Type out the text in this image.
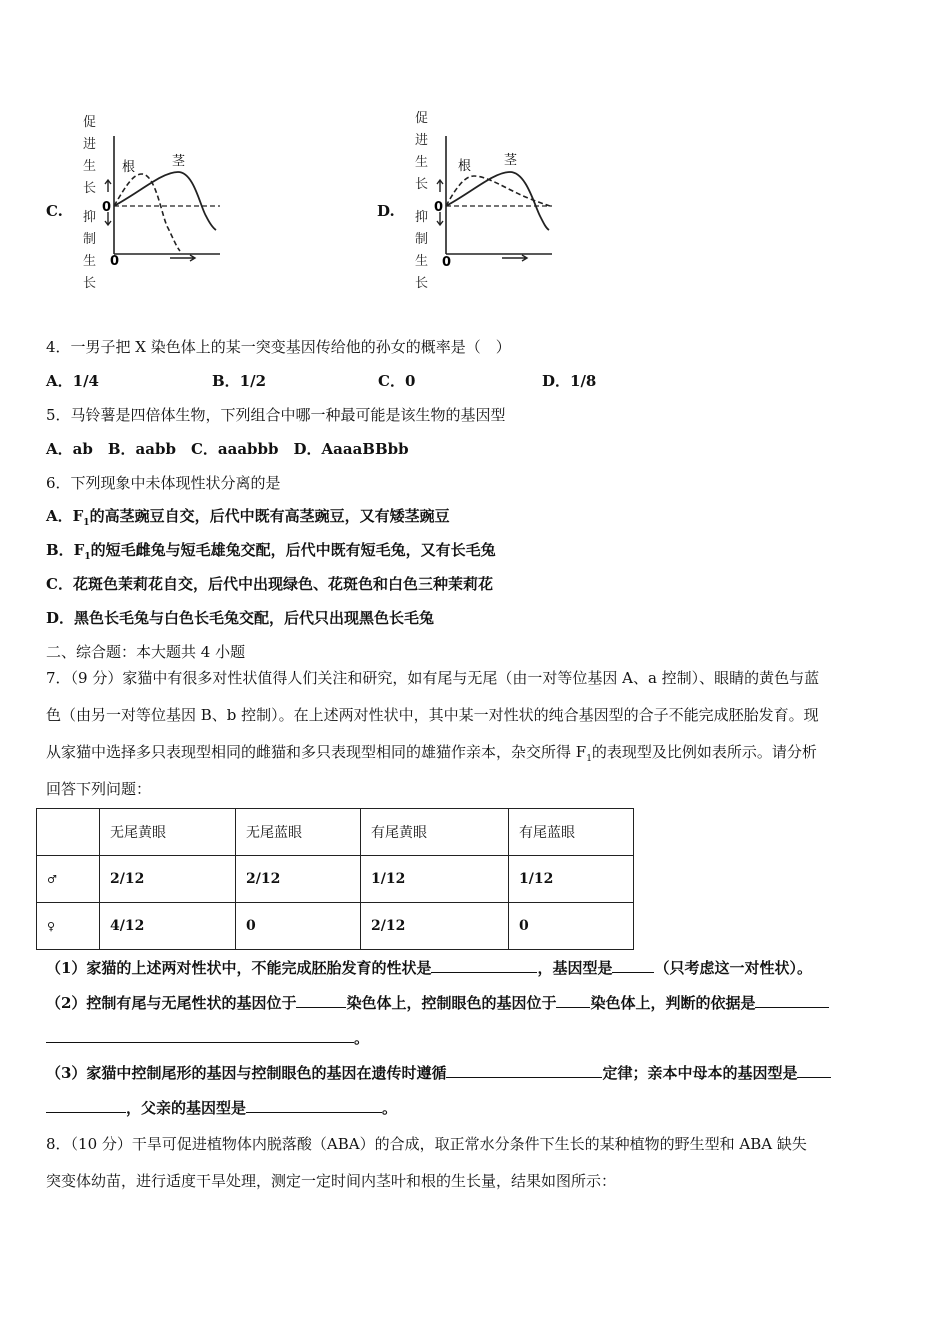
C.
促
进
生
长
抑
制
生
长
0
0
根	茎
D.
促
进
生
长
抑
制
生
长
0
0
根	茎
4．一男子把 X 染色体上的某一突变基因传给他的孙女的概率是（　）
A．1/4	B．1/2	C．0	D．1/8
5．马铃薯是四倍体生物，下列组合中哪一种最可能是该生物的基因型
A．ab　B．aabb　C．aaabbb　D．AaaaBBbb
6．下列现象中未体现性状分离的是
A．$F_1$的高茎豌豆自交，后代中既有高茎豌豆，又有矮茎豌豆
B．$F_1$的短毛雌兔与短毛雄兔交配，后代中既有短毛兔，又有长毛兔
C．花斑色茉莉花自交，后代中出现绿色、花斑色和白色三种茉莉花
D．黑色长毛兔与白色长毛兔交配，后代只出现黑色长毛兔
二、综合题：本大题共 4 小题
7．（9 分）家猫中有很多对性状值得人们关注和研究，如有尾与无尾（由一对等位基因 A、a 控制）、眼睛的黄色与蓝
色（由另一对等位基因 B、b 控制）。在上述两对性状中，其中某一对性状的纯合基因型的合子不能完成胚胎发育。现
从家猫中选择多只表现型相同的雌猫和多只表现型相同的雄猫作亲本，杂交所得 $F_1$的表现型及比例如表所示。请分析
回答下列问题：
	无尾黄眼	无尾蓝眼	有尾黄眼	有尾蓝眼
♂	2/12	2/12	1/12	1/12
♀	4/12	0	2/12	0
（1）家猫的上述两对性状中，不能完成胚胎发育的性状是	，基因型是	（只考虑这一对性状）。
（2）控制有尾与无尾性状的基因位于	染色体上，控制眼色的基因位于 染色体上，判断的依据是
。
（3）家猫中控制尾形的基因与控制眼色的基因在遗传时遵循	定律；亲本中母本的基因型是
，父亲的基因型是	。
8．（10 分）干旱可促进植物体内脱落酸（ABA）的合成，取正常水分条件下生长的某种植物的野生型和 ABA 缺失
突变体幼苗，进行适度干旱处理，测定一定时间内茎叶和根的生长量，结果如图所示：
